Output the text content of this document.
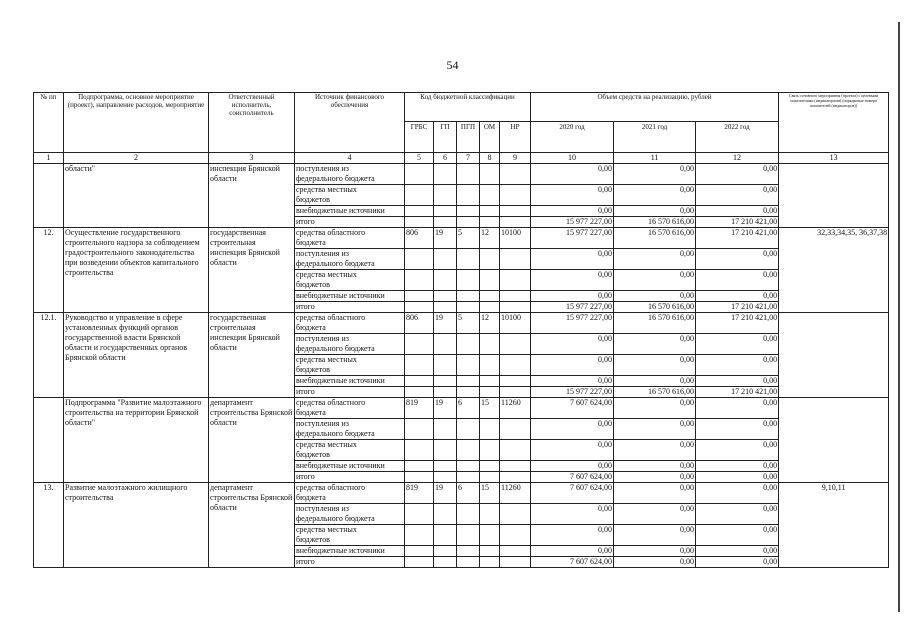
54
№ пп	Подпрограмма, основное мероприятие (проект), направление расходов, мероприятие	Ответственный исполнитель, соисполнитель	Источник финансового обеспечения	Код бюджетной классификации					Объем средств на реализацию, рублей			Связь основного мероприятия (проекта) с целевыми показателями (индикаторами) (порядковые номера показателей (индикаторов))
				ГРБС	ГП	ПГП	ОМ	НР	2020 год	2021 год	2022 год	
1	2	3	4	5	6	7	8	9	10	11	12	13
	области"	инспекция Брянской области	поступления из
федерального бюджета						0,00	0,00	0,00	
			средства местных
бюджетов						0,00	0,00	0,00	
			внебюджетные источники						0,00	0,00	0,00	
			итого						15 977 227,00	16 570 616,00	17 210 421,00	
12.	Осуществление государственного строительного надзора за соблюдением градостроительного законодательства при возведении объектов капитального строительства	государственная строительная инспекция Брянской области	средства областного
бюджета	806	19	5	12	10100	15 977 227,00	16 570 616,00	17 210 421,00	32,33,34,35, 36,37,38
			поступления из
федерального бюджета						0,00	0,00	0,00	
			средства местных
бюджетов						0,00	0,00	0,00	
			внебюджетные источники						0,00	0,00	0,00	
			итого						15 977 227,00	16 570 616,00	17 210 421,00	
12.1.	Руководство и управление в сфере установленных функций органов государственной власти Брянской области и государственных органов Брянской области	государственная строительная инспекция Брянской области	средства областного
бюджета	806	19	5	12	10100	15 977 227,00	16 570 616,00	17 210 421,00	
			поступления из
федерального бюджета						0,00	0,00	0,00	
			средства местных
бюджетов						0,00	0,00	0,00	
			внебюджетные источники						0,00	0,00	0,00	
			итого						15 977 227,00	16 570 616,00	17 210 421,00	
	Подпрограмма "Развитие малоэтажного строительства на территории Брянской области"	департамент строительства Брянской области	средства областного
бюджета	819	19	6	15	11260	7 607 624,00	0,00	0,00	
			поступления из
федерального бюджета						0,00	0,00	0,00	
			средства местных
бюджетов						0,00	0,00	0,00	
			внебюджетные источники						0,00	0,00	0,00	
			итого						7 607 624,00	0,00	0,00	
13.	Развитие малоэтажного жилищного строительства	департамент строительства Брянской области	средства областного
бюджета	819	19	6	15	11260	7 607 624,00	0,00	0,00	9,10,11
			поступления из
федерального бюджета						0,00	0,00	0,00	
			средства местных
бюджетов						0,00	0,00	0,00	
			внебюджетные источники						0,00	0,00	0,00	
			итого						7 607 624,00	0,00	0,00	
